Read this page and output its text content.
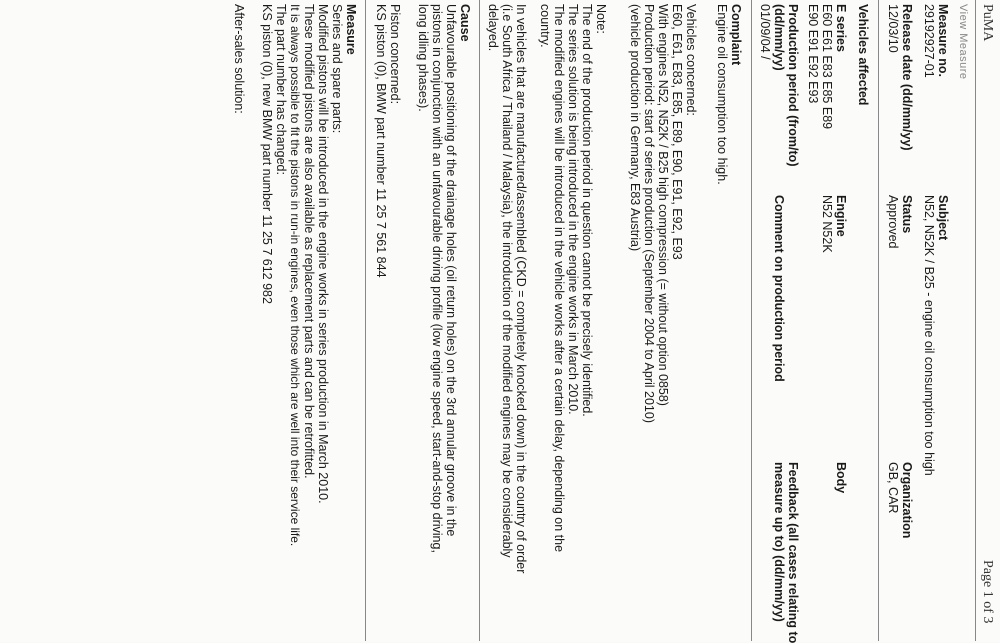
PuMA
Page 1 of 3
View Measure
Measure no.
29192927-01
Subject
N52, N52K / B25 - engine oil consumption too high
Release date (dd/mm/yy)
12/03/10
Status
Approved
Organization
GB, CAR
Vehicles affected
E series
E60 E61 E83 E85 E89
E90 E91 E92 E93
Engine
N52 N52K
Body
Production period (from/to)
(dd/mm/yy)
01/09/04 /
Comment on production period
Feedback (all cases relating to
measure up to) (dd/mm/yy)
Complaint
Engine oil consumption too high.
Vehicles concerned:
E60, E61, E83, E85, E89, E90, E91, E92, E93
With engines N52, N52K / B25 high compression (= without option 0858)
Production period: start of series production (September 2004 to April 2010)
(vehicle production in Germany, E83 Austria)
Note:
The end of the production period in question cannot be precisely identified.
The series solution is being introduced in the engine works in March 2010.
The modified engines will be introduced in the vehicle works after a certain delay, depending on the
country.
In vehicles that are manufactured/assembled (CKD = completely knocked down) in the country of order
(i.e South Africa / Thailand / Malaysia), the introduction of the modified engines may be considerably
delayed.
Cause
Unfavourable positioning of the drainage holes (oil return holes) on the 3rd annular groove in the
pistons in conjunction with an unfavourable driving profile (low engine speed, start-and-stop driving,
long idling phases).
Piston concerned:
KS piston (0), BMW part number 11 25 7 561 844
Measure
Series and spare parts:
Modified pistons will be introduced in the engine works in series production in March 2010.
These modified pistons are also available as replacement parts and can be retrofitted.
It is always possible to fit the pistons in run-in engines, even those which are well into their service life.
The part number has changed:
KS piston (0), new BMW part number 11 25 7 612 982
After-sales solution:
